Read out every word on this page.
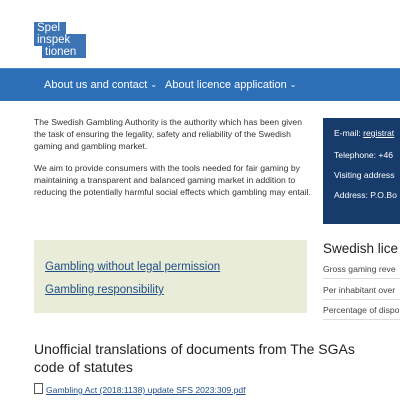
Spel
inspek
tionen
About us and contact ⌄ About licence application ⌄

The Swedish Gambling Authority is the authority which has been given the task of ensuring the legality, safety and reliability of the Swedish gaming and gambling market.

We aim to provide consumers with the tools needed for fair gaming by maintaining a transparent and balanced gaming market in addition to reducing the potentially harmful social effects which gambling may entail.

E-mail: registrat
Telephone: +46
Visiting address
Address: P.O.Bo
Gambling without legal permission
Gambling responsibility
Swedish lice
Gross gaming reve
Per inhabitant over
Percentage of dispo
Unofficial translations of documents from The SGAs code of statutes
Gambling Act (2018:1138) update SFS 2023:309.pdf
